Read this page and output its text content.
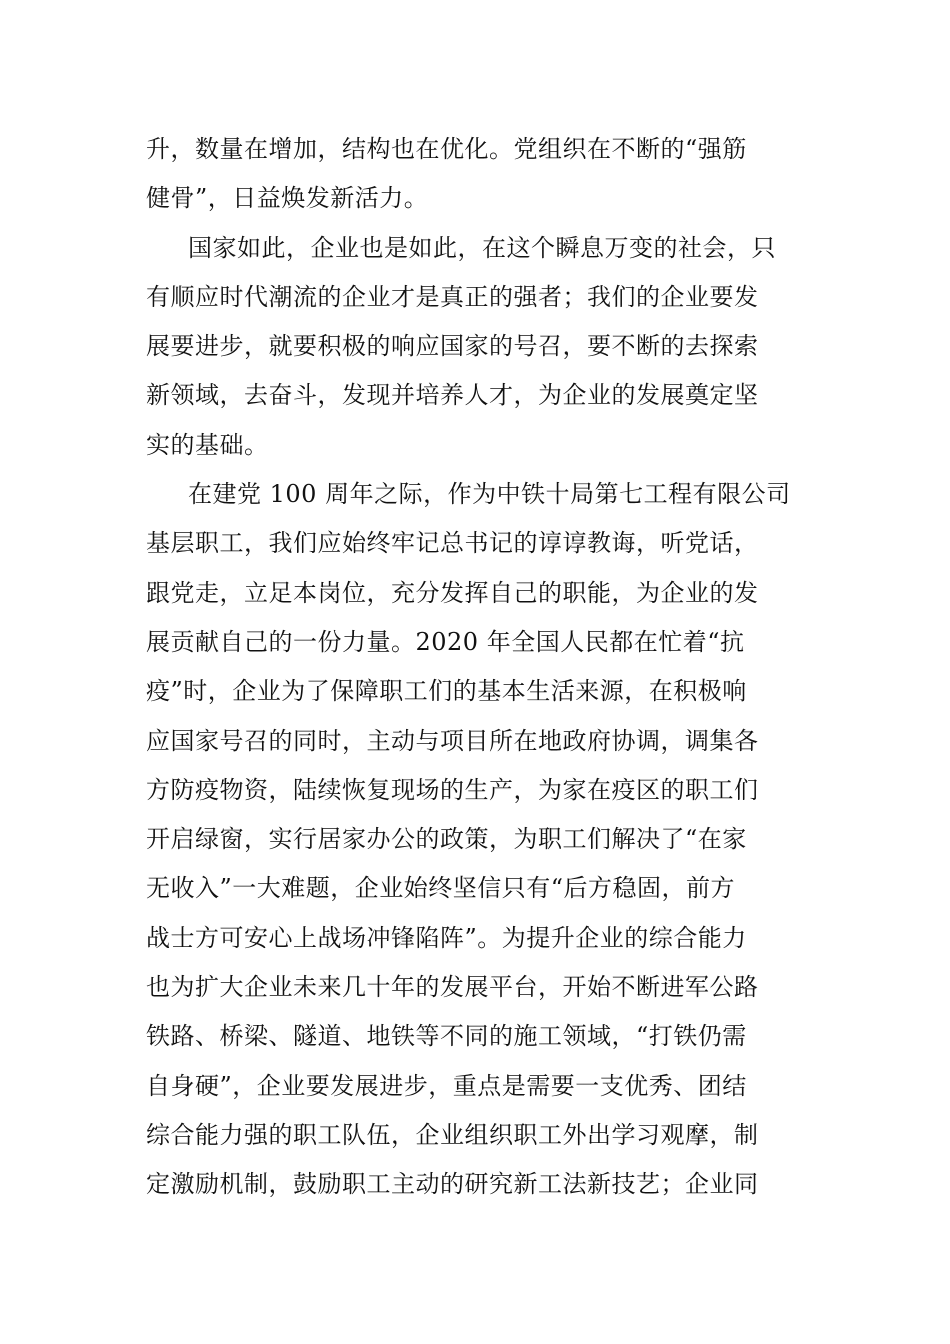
升，数量在增加，结构也在优化。党组织在不断的“强筋
健骨”，日益焕发新活力。
国家如此，企业也是如此，在这个瞬息万变的社会，只
有顺应时代潮流的企业才是真正的强者；我们的企业要发
展要进步，就要积极的响应国家的号召，要不断的去探索
新领域，去奋斗，发现并培养人才，为企业的发展奠定坚
实的基础。
在建党 100 周年之际，作为中铁十局第七工程有限公司
基层职工，我们应始终牢记总书记的谆谆教诲，听党话，
跟党走，立足本岗位，充分发挥自己的职能，为企业的发
展贡献自己的一份力量。2020 年全国人民都在忙着“抗
疫”时，企业为了保障职工们的基本生活来源，在积极响
应国家号召的同时，主动与项目所在地政府协调，调集各
方防疫物资，陆续恢复现场的生产，为家在疫区的职工们
开启绿窗，实行居家办公的政策，为职工们解决了“在家
无收入”一大难题，企业始终坚信只有“后方稳固，前方
战士方可安心上战场冲锋陷阵”。为提升企业的综合能力
也为扩大企业未来几十年的发展平台，开始不断进军公路
铁路、桥梁、隧道、地铁等不同的施工领域，“打铁仍需
自身硬”，企业要发展进步，重点是需要一支优秀、团结
综合能力强的职工队伍，企业组织职工外出学习观摩，制
定激励机制，鼓励职工主动的研究新工法新技艺；企业同
